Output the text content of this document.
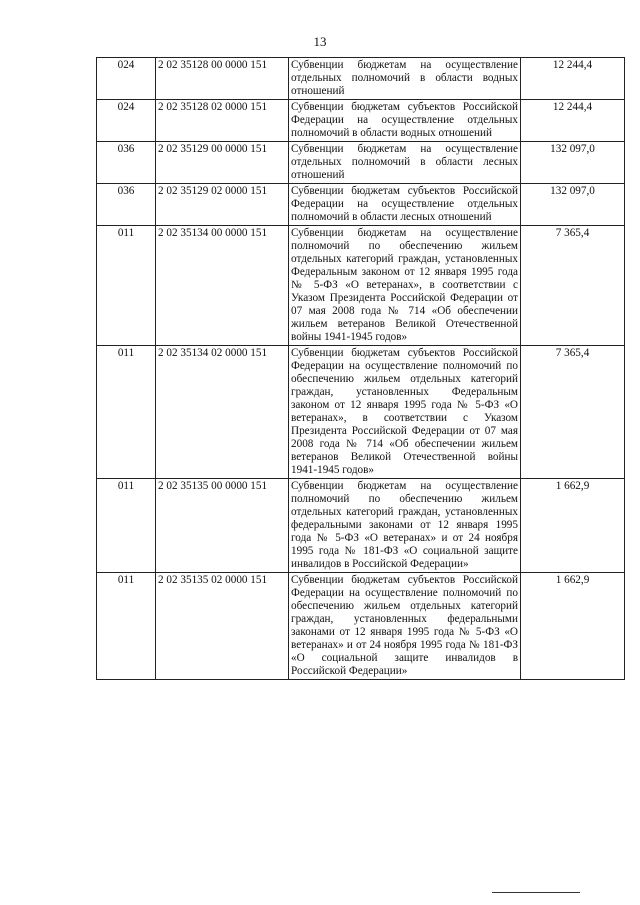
13
024	2 02 35128 00 0000 151	Субвенции бюджетам на осуществление отдельных полномочий в области водных отношений	12 244,4
024	2 02 35128 02 0000 151	Субвенции бюджетам субъектов Российской Федерации на осуществление отдельных полномочий в области водных отношений	12 244,4
036	2 02 35129 00 0000 151	Субвенции бюджетам на осуществление отдельных полномочий в области лесных отношений	132 097,0
036	2 02 35129 02 0000 151	Субвенции бюджетам субъектов Российской Федерации на осуществление отдельных полномочий в области лесных отношений	132 097,0
011	2 02 35134 00 0000 151	Субвенции бюджетам на осуществление полномочий по обеспечению жильем отдельных категорий граждан, установленных Федеральным законом от 12 января 1995 года № 5-ФЗ «О ветеранах», в соответствии с Указом Президента Российской Федерации от 07 мая 2008 года № 714 «Об обеспечении жильем ветеранов Великой Отечественной войны 1941-1945 годов»	7 365,4
011	2 02 35134 02 0000 151	Субвенции бюджетам субъектов Российской Федерации на осуществление полномочий по обеспечению жильем отдельных категорий граждан, установленных Федеральным законом от 12 января 1995 года № 5-ФЗ «О ветеранах», в соответствии с Указом Президента Российской Федерации от 07 мая 2008 года № 714 «Об обеспечении жильем ветеранов Великой Отечественной войны 1941-1945 годов»	7 365,4
011	2 02 35135 00 0000 151	Субвенции бюджетам на осуществление полномочий по обеспечению жильем отдельных категорий граждан, установленных федеральными законами от 12 января 1995 года № 5-ФЗ «О ветеранах» и от 24 ноября 1995 года № 181-ФЗ «О социальной защите инвалидов в Российской Федерации»	1 662,9
011	2 02 35135 02 0000 151	Субвенции бюджетам субъектов Российской Федерации на осуществление полномочий по обеспечению жильем отдельных категорий граждан, установленных федеральными законами от 12 января 1995 года № 5-ФЗ «О ветеранах» и от 24 ноября 1995 года № 181-ФЗ «О социальной защите инвалидов в Российской Федерации»	1 662,9
